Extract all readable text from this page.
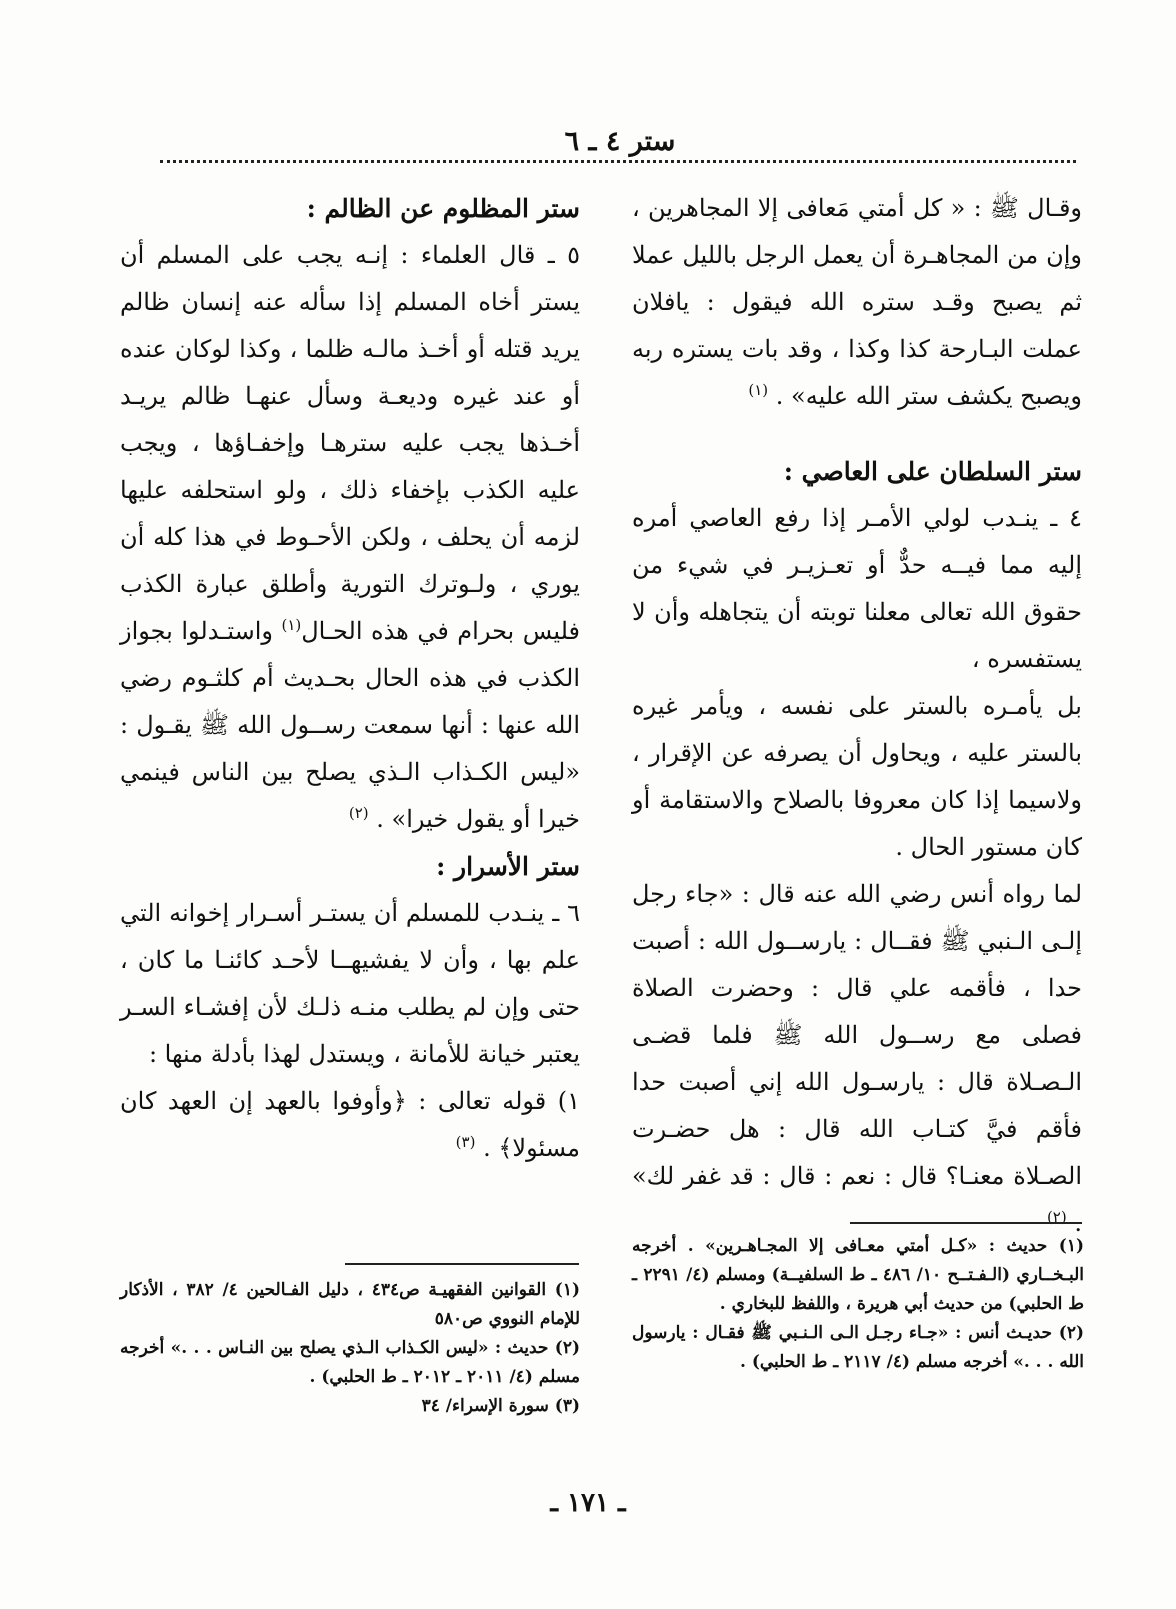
ستر ٤ ـ ٦

وقـال ﷺ : « كل أمتي مَعافى إلا المجاهرين ، وإن من المجاهـرة أن يعمل الرجل بالليل عملا ثم يصبح وقـد ستره الله فيقول : يافلان عملت البـارحة كذا وكذا ، وقد بات يستره ربه ويصبح يكشف ستر الله عليه» . $^{(١)}$

ستر السلطان على العاصي :

٤ ـ ينـدب لولي الأمـر إذا رفع العاصي أمره إليه مما فيــه حدٌّ أو تعـزيـر في شيء من حقوق الله تعالى معلنا توبته أن يتجاهله وأن لا يستفسره ،

بل يأمـره بالستر على نفسه ، ويأمر غيره بالستر عليه ، ويحاول أن يصرفه عن الإقرار ، ولاسيما إذا كان معروفا بالصلاح والاستقامة أو كان مستور الحال .

لما رواه أنس رضي الله عنه قال : «جاء رجل إلـى الـنبي ﷺ فقــال : يارســول الله : أصبت حدا ، فأقمه علي قال : وحضرت الصلاة فصلى مع رســول الله ﷺ فلما قضـى الـصـلاة قال : يارسـول الله إني أصبت حدا فأقم فيَّ كتـاب الله قال : هل حضـرت الصـلاة معنـا؟ قال : نعم : قال : قد غفر لك» . $^{(٢)}$

ستر المظلوم عن الظالم :

٥ ـ قال العلماء : إنـه يجب على المسلم أن يستر أخاه المسلم إذا سأله عنه إنسان ظالم يريد قتله أو أخـذ مالـه ظلما ، وكذا لوكان عنده أو عند غيره وديعـة وسأل عنهـا ظالم يريـد أخـذها يجب عليه سترهـا وإخفـاؤها ، ويجب عليه الكذب بإخفاء ذلك ، ولو استحلفه عليها لزمه أن يحلف ، ولكن الأحـوط في هذا كله أن يوري ، ولـوترك التورية وأطلق عبارة الكذب فليس بحرام في هذه الحـال$^{(١)}$ واستـدلوا بجواز الكذب في هذه الحال بحـديث أم كلثـوم رضي الله عنها : أنها سمعت رســول الله ﷺ يقـول : «ليس الكـذاب الـذي يصلح بين الناس فينمي خيرا أو يقول خيرا» . $^{(٢)}$

ستر الأسرار :

٦ ـ ينـدب للمسلم أن يستـر أسـرار إخوانه التي علم بها ، وأن لا يفشيهــا لأحـد كائنـا ما كان ، حتى وإن لم يطلب منـه ذلـك لأن إفشـاء السـر يعتبر خيانة للأمانة ، ويستدل لهذا بأدلة منها :

١) قوله تعالى : ﴿وأوفوا بالعهد إن العهد كان مسئولا﴾ . $^{(٣)}$

(١) حديث : «كـل أمتي معـافى إلا المجـاهـرين» . أخرجه البـخــاري (الـفـتــح ١٠/ ٤٨٦ ـ ط السلفيــة) ومسلم (٤/ ٢٢٩١ ـ ط الحلبي) من حديث أبي هريرة ، واللفظ للبخاري .

(٢) حديـث أنس : «جـاء رجـل الـى الـنـبي ﷺ فقـال : يارسول الله . . .» أخرجه مسلم (٤/ ٢١١٧ ـ ط الحلبي) .

(١) القوانين الفقهيـة ص٤٣٤ ، دليل الفـالحين ٤/ ٣٨٢ ، الأذكار للإمام النووي ص٥٨٠

(٢) حديث : «ليس الكـذاب الـذي يصلح بين النـاس . . .» أخرجه مسلم (٤/ ٢٠١١ ـ ٢٠١٢ ـ ط الحلبي) .

(٣) سورة الإسراء/ ٣٤

ـ ١٧١ ـ
